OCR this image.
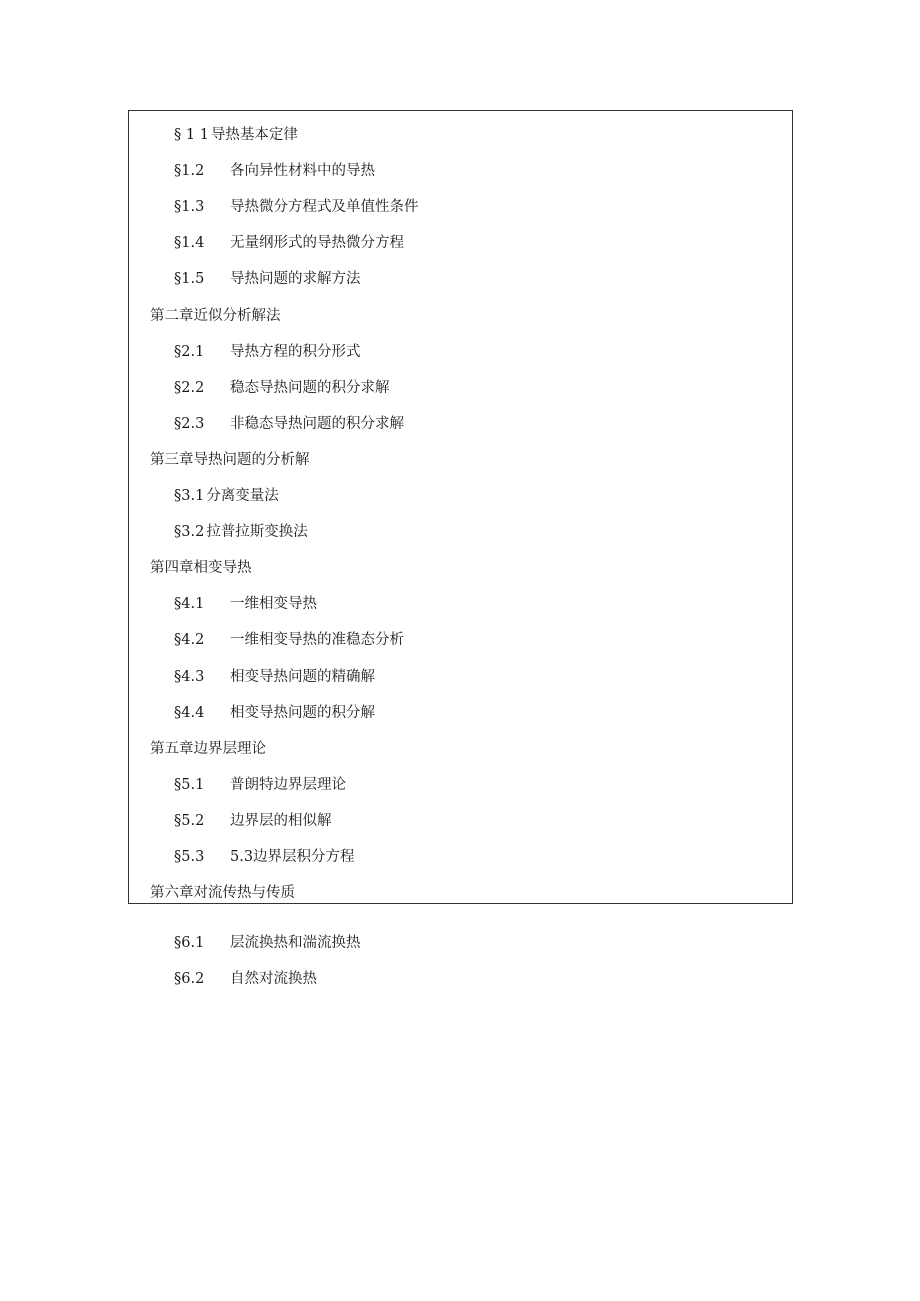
§ 1 1 导热基本定律
§1.2 各向异性材料中的导热
§1.3 导热微分方程式及单值性条件
§1.4 无量纲形式的导热微分方程
§1.5 导热问题的求解方法
第二章近似分析解法
§2.1 导热方程的积分形式
§2.2 稳态导热问题的积分求解
§2.3 非稳态导热问题的积分求解
第三章导热问题的分析解
§3.1 分离变量法
§3.2 拉普拉斯变换法
第四章相变导热
§4.1 一维相变导热
§4.2 一维相变导热的准稳态分析
§4.3 相变导热问题的精确解
§4.4 相变导热问题的积分解
第五章边界层理论
§5.1 普朗特边界层理论
§5.2 边界层的相似解
§5.3 5.3边界层积分方程
第六章对流传热与传质
§6.1 层流换热和湍流换热
§6.2 自然对流换热
